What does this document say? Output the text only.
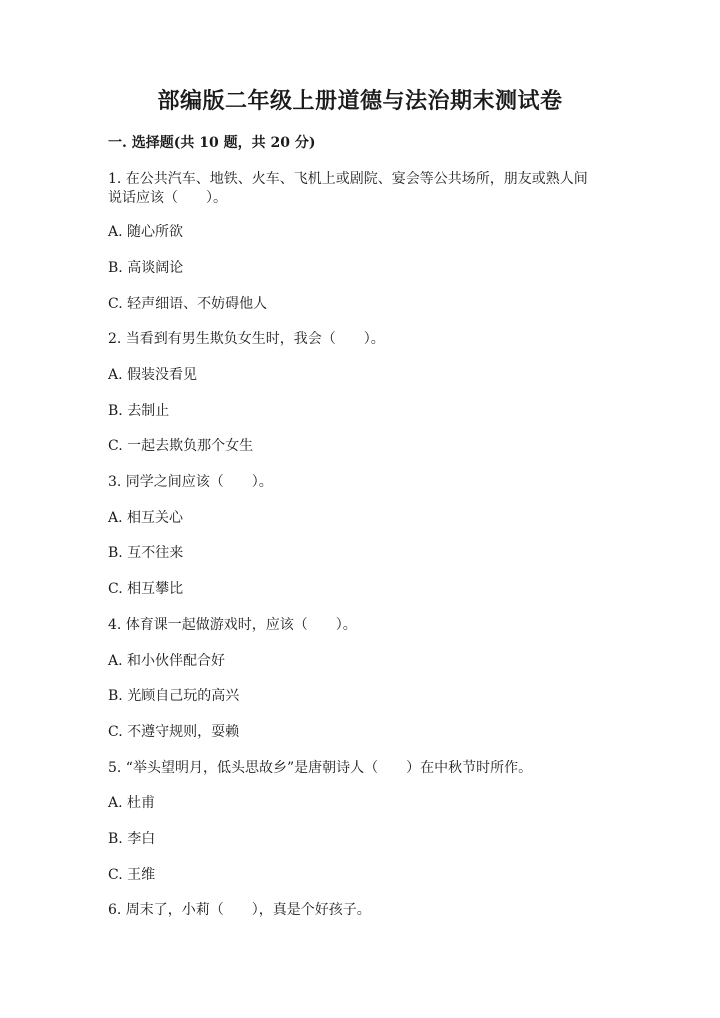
部编版二年级上册道德与法治期末测试卷
一. 选择题(共 10 题，共 20 分)
1. 在公共汽车、地铁、火车、飞机上或剧院、宴会等公共场所，朋友或熟人间
说话应该（　　）。
A. 随心所欲
B. 高谈阔论
C. 轻声细语、不妨碍他人
2. 当看到有男生欺负女生时，我会（　　）。
A. 假装没看见
B. 去制止
C. 一起去欺负那个女生
3. 同学之间应该（　　）。
A. 相互关心
B. 互不往来
C. 相互攀比
4. 体育课一起做游戏时，应该（　　）。
A. 和小伙伴配合好
B. 光顾自己玩的高兴
C. 不遵守规则，耍赖
5. “举头望明月，低头思故乡”是唐朝诗人（　　）在中秋节时所作。
A. 杜甫
B. 李白
C. 王维
6. 周末了，小莉（　　），真是个好孩子。
